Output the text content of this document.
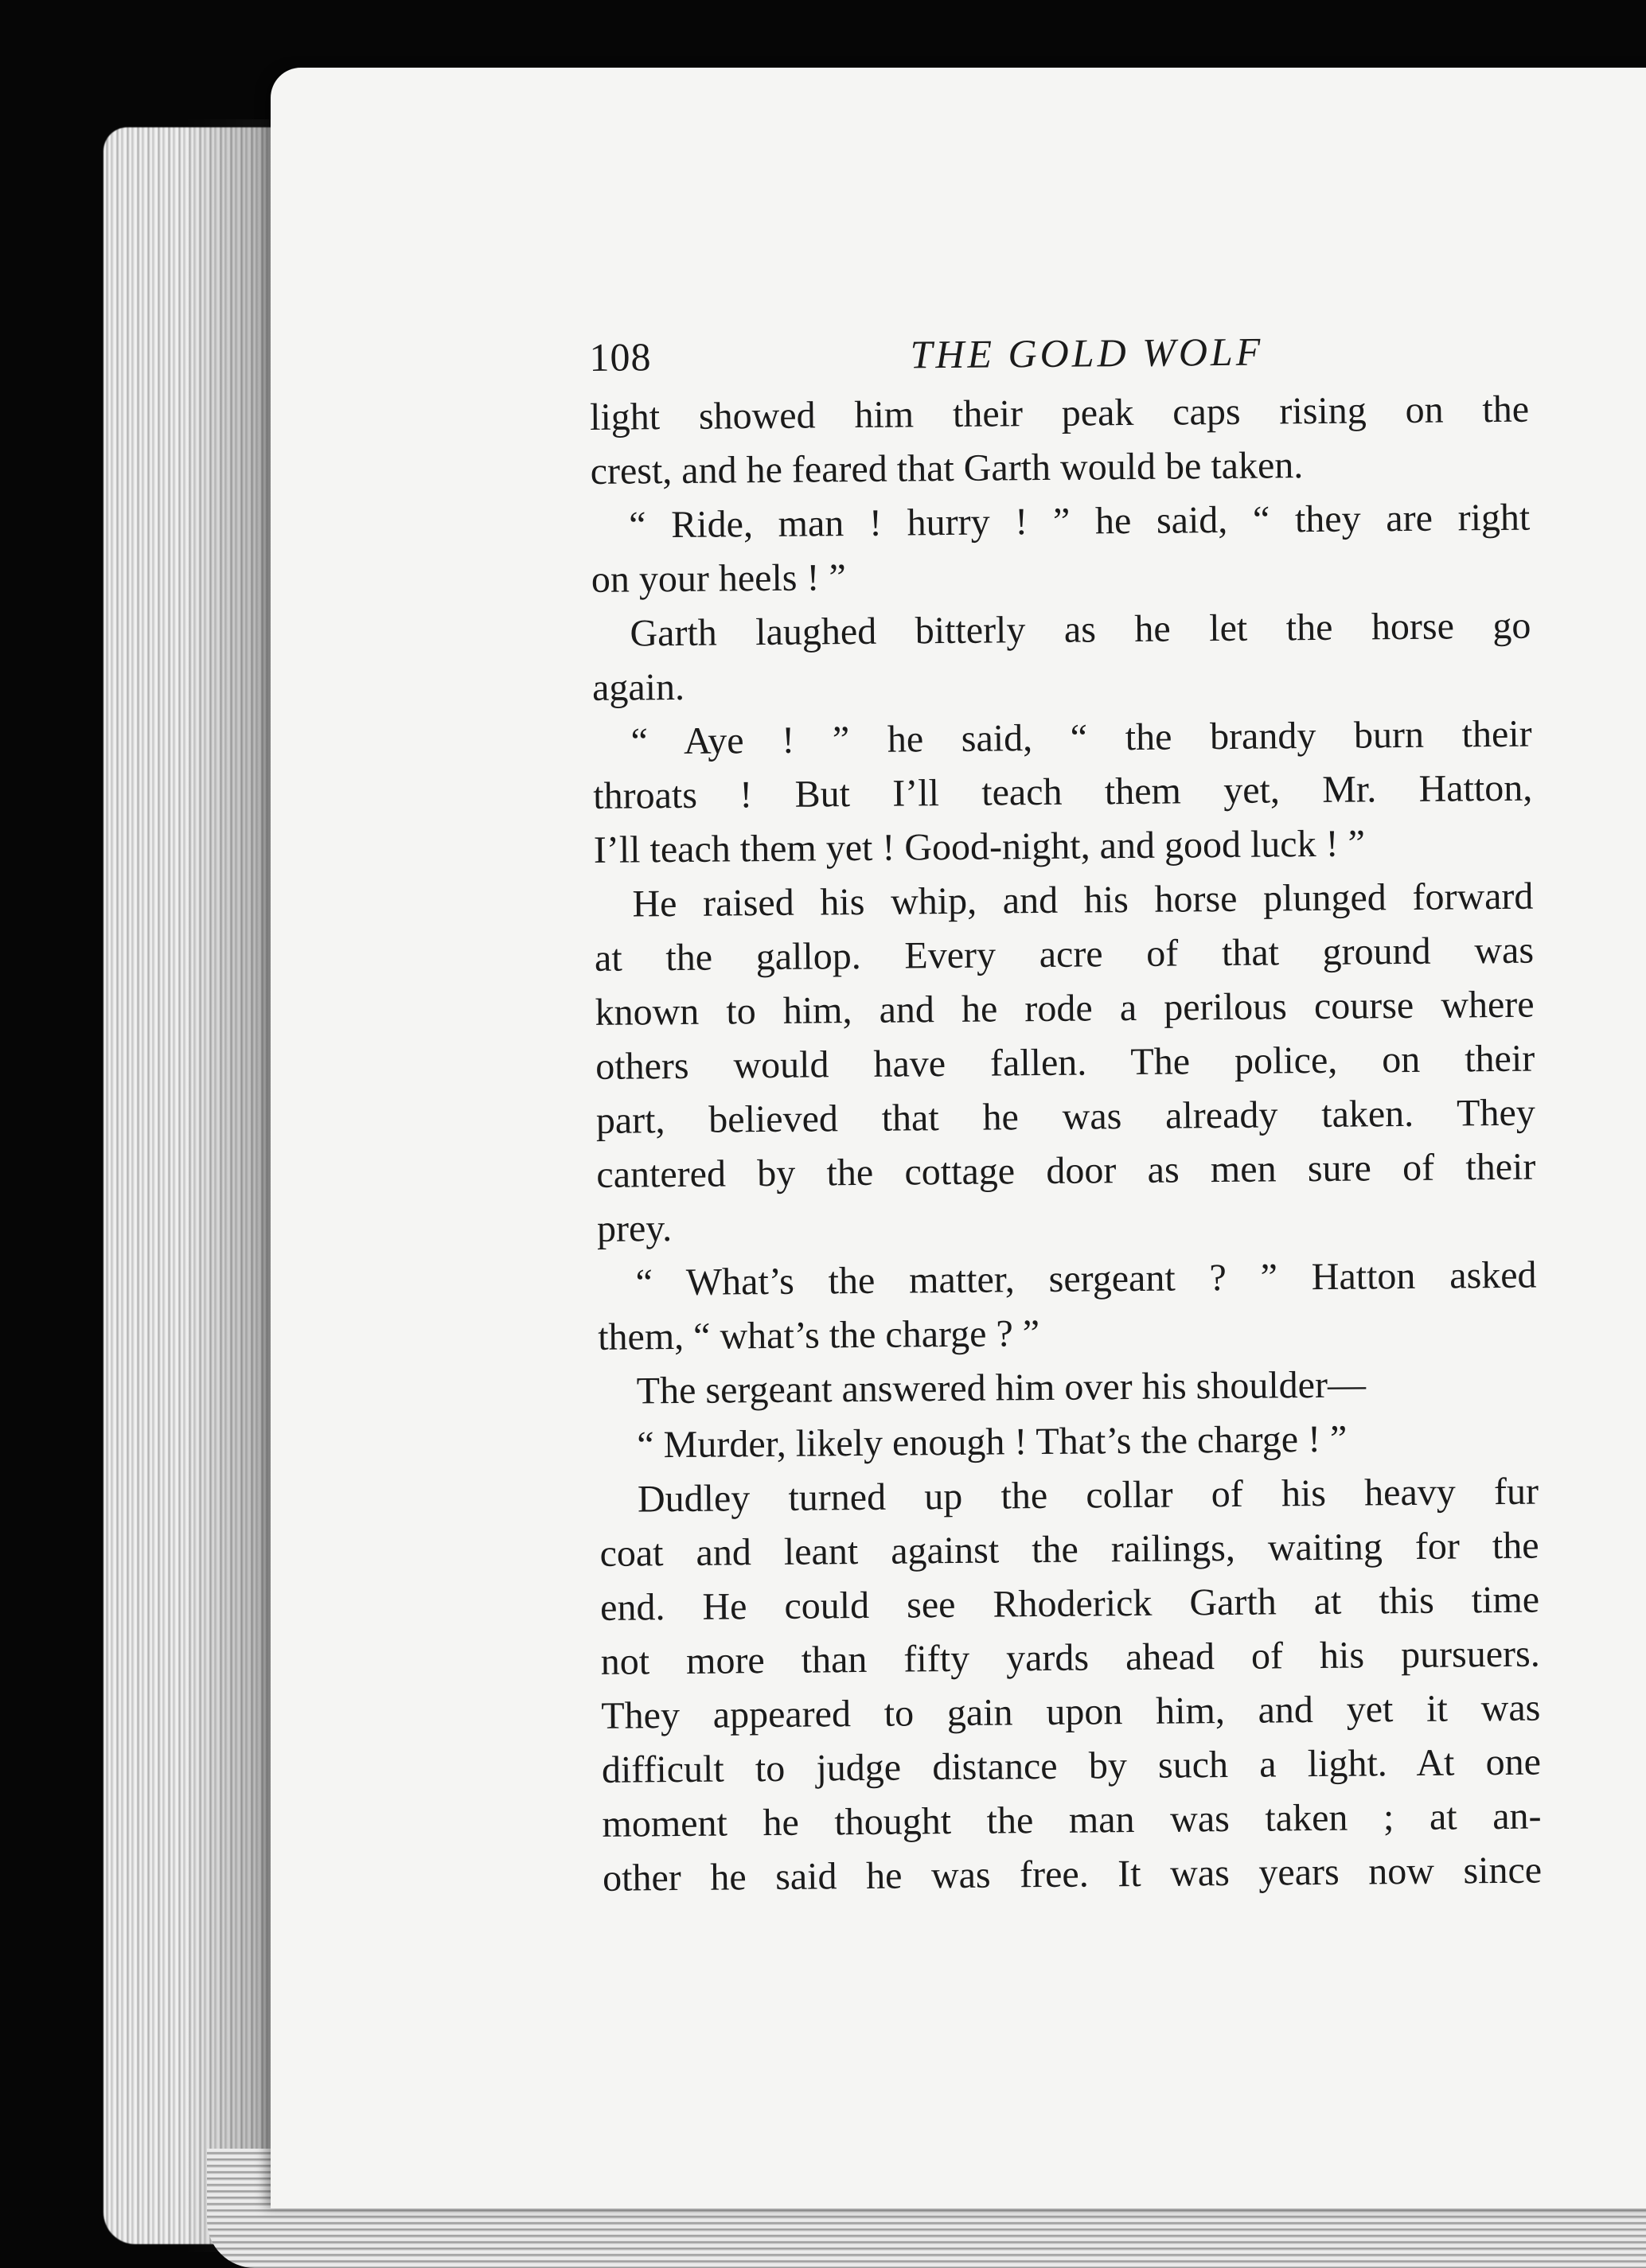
108	THE GOLD WOLF
light showed him their peak caps rising on the
crest, and he feared that Garth would be taken.
“ Ride, man ! hurry ! ” he said, “ they are right
on your heels ! ”
Garth laughed bitterly as he let the horse go
again.
“ Aye ! ” he said, “ the brandy burn their
throats ! But I’ll teach them yet, Mr. Hatton,
I’ll teach them yet ! Good-night, and good luck ! ”
He raised his whip, and his horse plunged forward
at the gallop. Every acre of that ground was
known to him, and he rode a perilous course where
others would have fallen. The police, on their
part, believed that he was already taken. They
cantered by the cottage door as men sure of their
prey.
“ What’s the matter, sergeant ? ” Hatton asked
them, “ what’s the charge ? ”
The sergeant answered him over his shoulder—
“ Murder, likely enough ! That’s the charge ! ”
Dudley turned up the collar of his heavy fur
coat and leant against the railings, waiting for the
end. He could see Rhoderick Garth at this time
not more than fifty yards ahead of his pursuers.
They appeared to gain upon him, and yet it was
difficult to judge distance by such a light. At one
moment he thought the man was taken ; at an-
other he said he was free. It was years now since
